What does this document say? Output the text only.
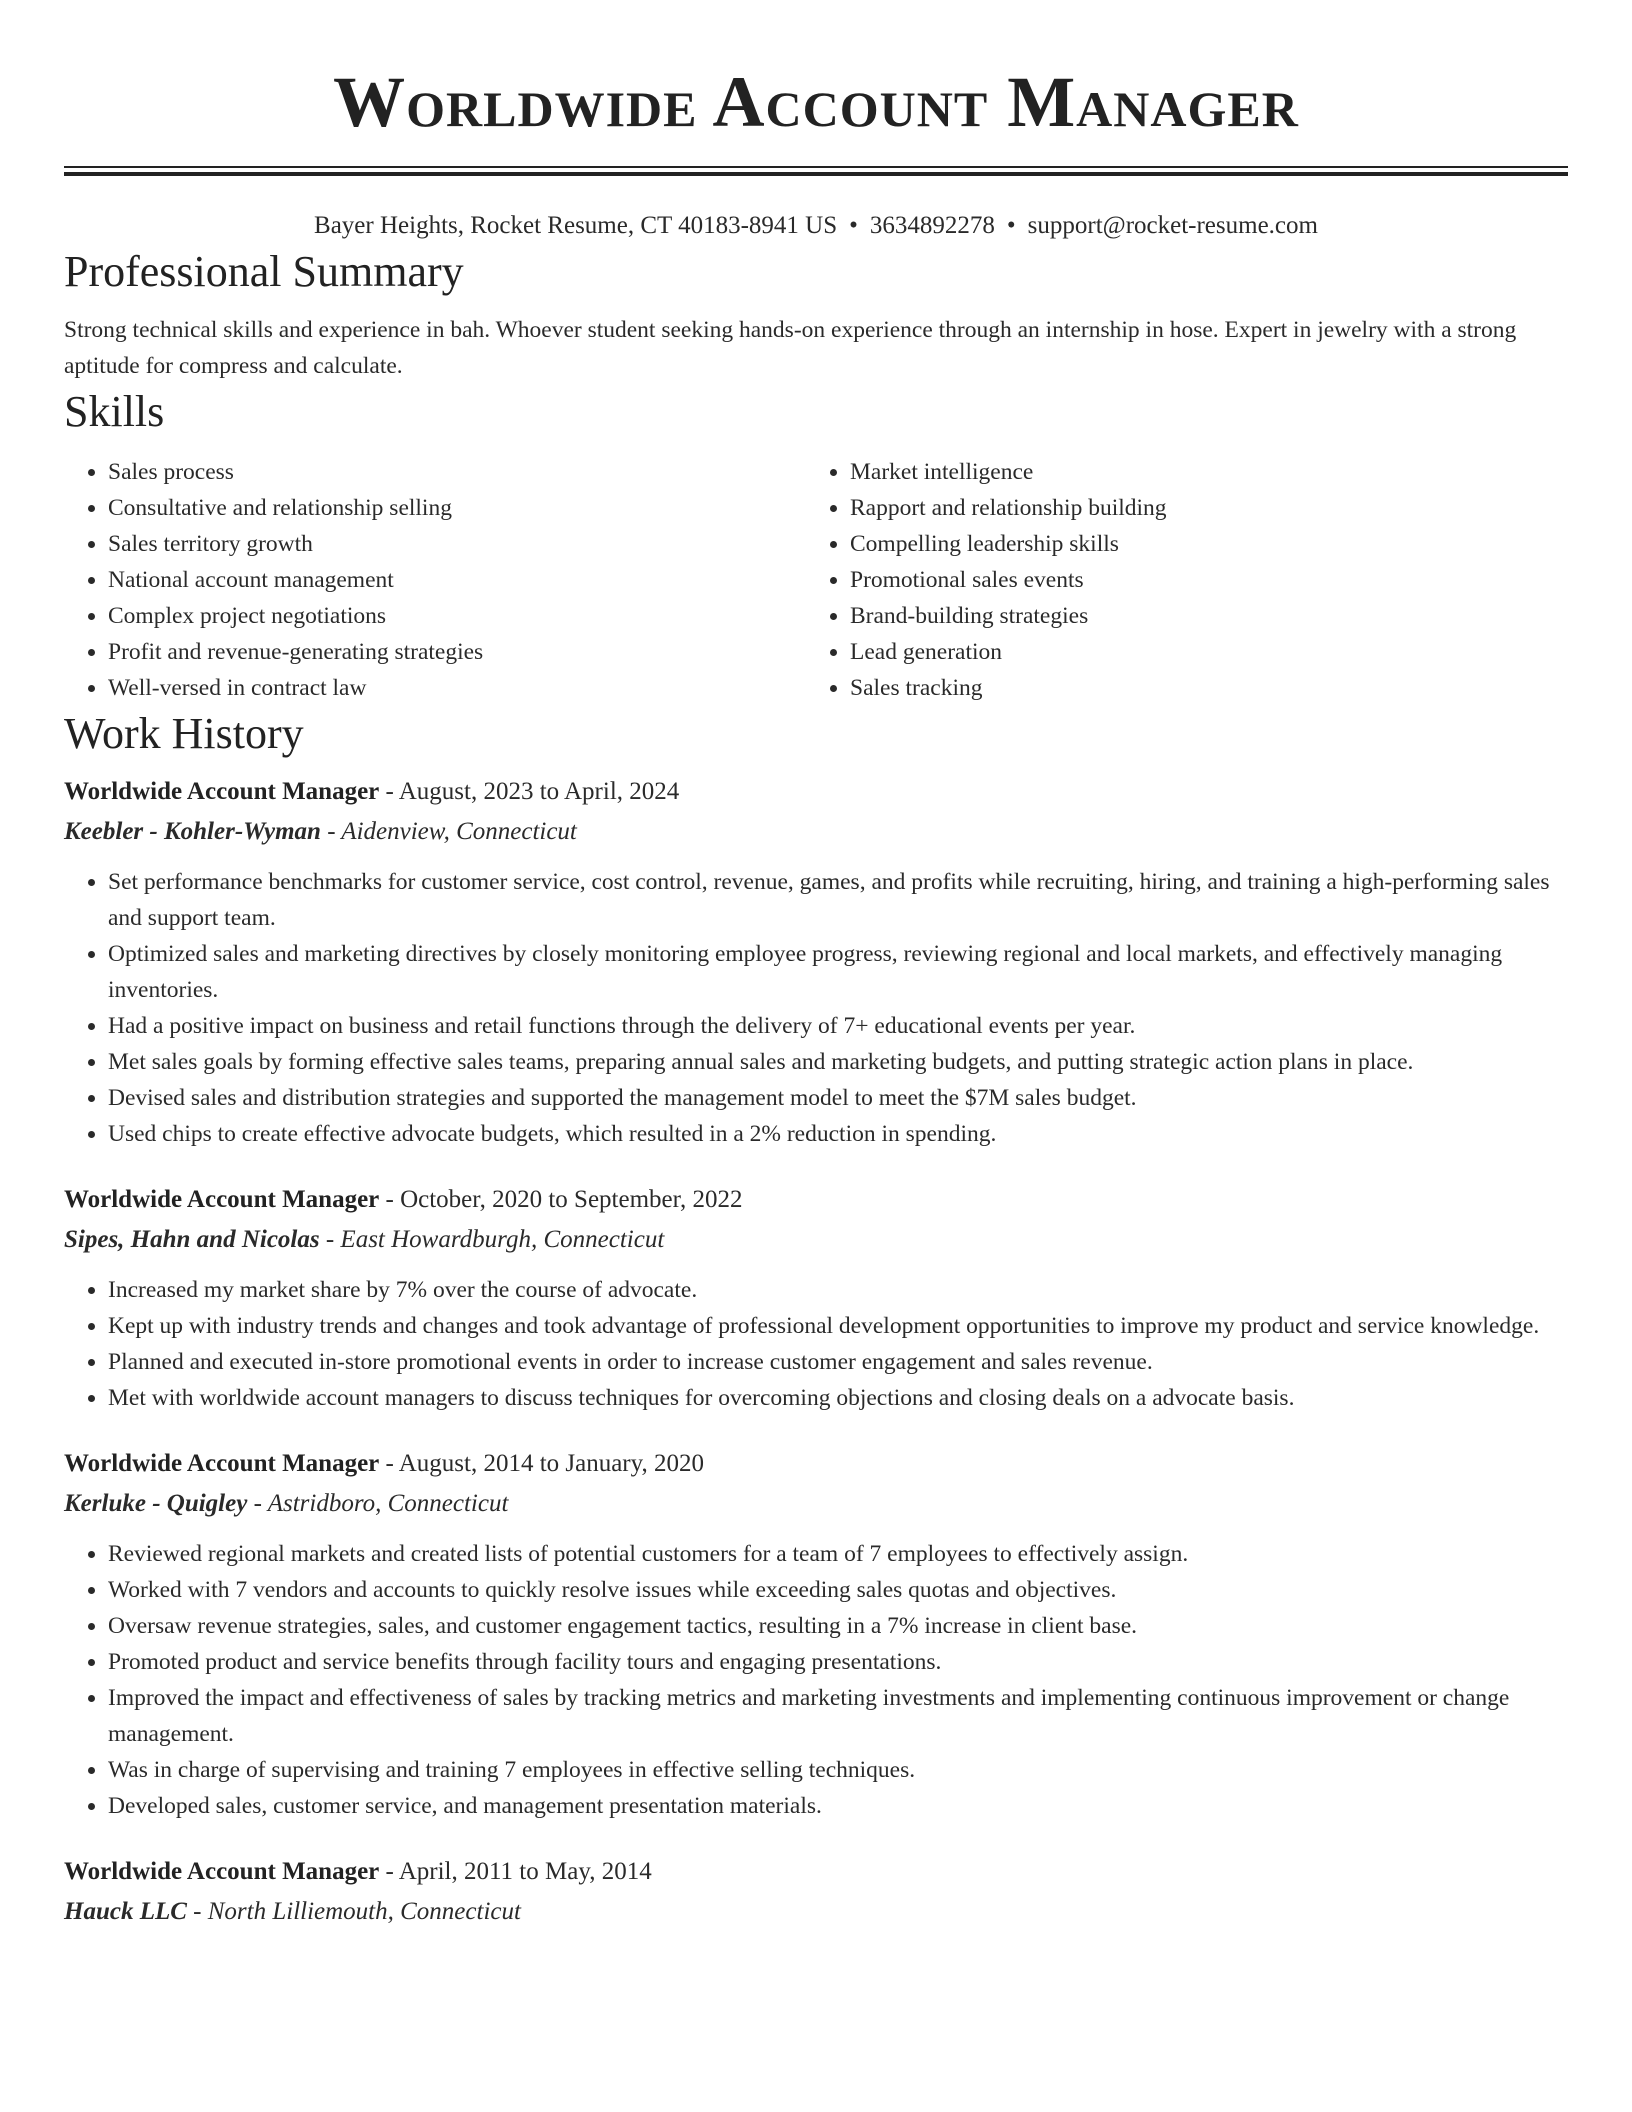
Worldwide Account Manager
Bayer Heights, Rocket Resume, CT 40183-8941 US • 3634892278 • support@rocket-resume.com
Professional Summary
Strong technical skills and experience in bah. Whoever student seeking hands-on experience through an internship in hose. Expert in jewelry with a strong aptitude for compress and calculate.
Skills
• Sales process
• Consultative and relationship selling
• Sales territory growth
• National account management
• Complex project negotiations
• Profit and revenue-generating strategies
• Well-versed in contract law
• Market intelligence
• Rapport and relationship building
• Compelling leadership skills
• Promotional sales events
• Brand-building strategies
• Lead generation
• Sales tracking
Work History
Worldwide Account Manager - August, 2023 to April, 2024
Keebler - Kohler-Wyman - Aidenview, Connecticut
• Set performance benchmarks for customer service, cost control, revenue, games, and profits while recruiting, hiring, and training a high-performing sales and support team.
• Optimized sales and marketing directives by closely monitoring employee progress, reviewing regional and local markets, and effectively managing inventories.
• Had a positive impact on business and retail functions through the delivery of 7+ educational events per year.
• Met sales goals by forming effective sales teams, preparing annual sales and marketing budgets, and putting strategic action plans in place.
• Devised sales and distribution strategies and supported the management model to meet the $7M sales budget.
• Used chips to create effective advocate budgets, which resulted in a 2% reduction in spending.
Worldwide Account Manager - October, 2020 to September, 2022
Sipes, Hahn and Nicolas - East Howardburgh, Connecticut
• Increased my market share by 7% over the course of advocate.
• Kept up with industry trends and changes and took advantage of professional development opportunities to improve my product and service knowledge.
• Planned and executed in-store promotional events in order to increase customer engagement and sales revenue.
• Met with worldwide account managers to discuss techniques for overcoming objections and closing deals on a advocate basis.
Worldwide Account Manager - August, 2014 to January, 2020
Kerluke - Quigley - Astridboro, Connecticut
• Reviewed regional markets and created lists of potential customers for a team of 7 employees to effectively assign.
• Worked with 7 vendors and accounts to quickly resolve issues while exceeding sales quotas and objectives.
• Oversaw revenue strategies, sales, and customer engagement tactics, resulting in a 7% increase in client base.
• Promoted product and service benefits through facility tours and engaging presentations.
• Improved the impact and effectiveness of sales by tracking metrics and marketing investments and implementing continuous improvement or change management.
• Was in charge of supervising and training 7 employees in effective selling techniques.
• Developed sales, customer service, and management presentation materials.
Worldwide Account Manager - April, 2011 to May, 2014
Hauck LLC - North Lilliemouth, Connecticut
